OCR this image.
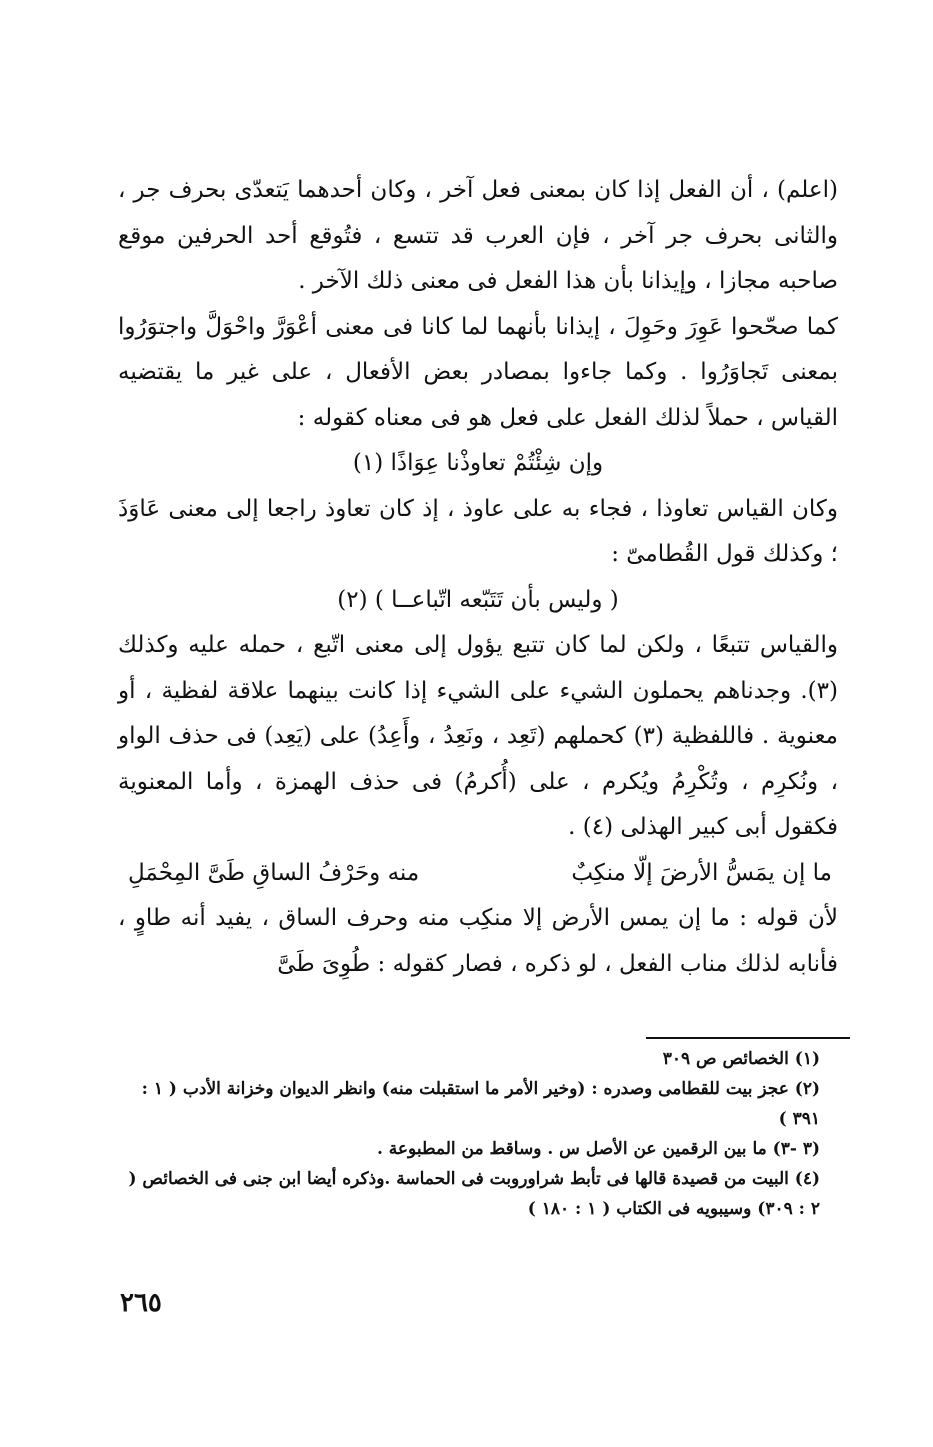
(اعلم) ، أن الفعل إذا كان بمعنى فعل آخر ، وكان أحدهما يَتعدّى بحرف جر ، والثانى بحرف جر آخر ، فإن العرب قد تتسع ، فتُوقع أحد الحرفين موقع صاحبه مجازا ، وإيذانا بأن هذا الفعل فى معنى ذلك الآخر .

كما صحّحوا عَوِرَ وحَوِلَ ، إيذانا بأنهما لما كانا فى معنى أعْوَرَّ واحْوَلَّ واجتوَرُوا بمعنى تَجاوَرُوا . وكما جاءوا بمصادر بعض الأفعال ، على غير ما يقتضيه القياس ، حملاً لذلك الفعل على فعل هو فى معناه كقوله :

وإن شِئْتُمْ تعاوذْنا عِوَاذًا (١)

وكان القياس تعاوذا ، فجاء به على عاوذ ، إذ كان تعاوذ راجعا إلى معنى عَاوَذَ ؛ وكذلك قول القُطامىّ :

( وليس بأن تَتَبّعه اتّباعــا ) (٢)

والقياس تتبعًا ، ولكن لما كان تتبع يؤول إلى معنى اتّبع ، حمله عليه وكذلك (٣). وجدناهم يحملون الشيء على الشيء إذا كانت بينهما علاقة لفظية ، أو معنوية . فاللفظية (٣) كحملهم (تَعِد ، ونَعِدُ ، وأَعِدُ) على (يَعِد) فى حذف الواو ، ونُكرِم ، وتُكْرِمُ ويُكرم ، على (أُكرمُ) فى حذف الهمزة ، وأما المعنوية فكقول أبى كبير الهذلى (٤) .

ما إن يمَسُّ الأرضَ إلّا منكِبٌ
منه وحَرْفُ الساقِ طَىَّ المِحْمَلِ

لأن قوله : ما إن يمس الأرض إلا منكِب منه وحرف الساق ، يفيد أنه طاوٍ ، فأنابه لذلك مناب الفعل ، لو ذكره ، فصار كقوله : طُوِىَ طَىَّ

(١) الخصائص ص ٣٠٩

(٢) عجز بيت للقطامى وصدره : (وخير الأمر ما استقبلت منه) وانظر الديوان وخزانة الأدب ( ١ : ٣٩١ )

(٣ -٣) ما بين الرقمين عن الأصل س . وساقط من المطبوعة .

(٤) البيت من قصيدة قالها فى تأبط شراوروبت فى الحماسة .وذكره أيضا ابن جنى فى الخصائص ( ٢ : ٣٠٩) وسيبويه فى الكتاب ( ١ : ١٨٠ )

٢٦٥
